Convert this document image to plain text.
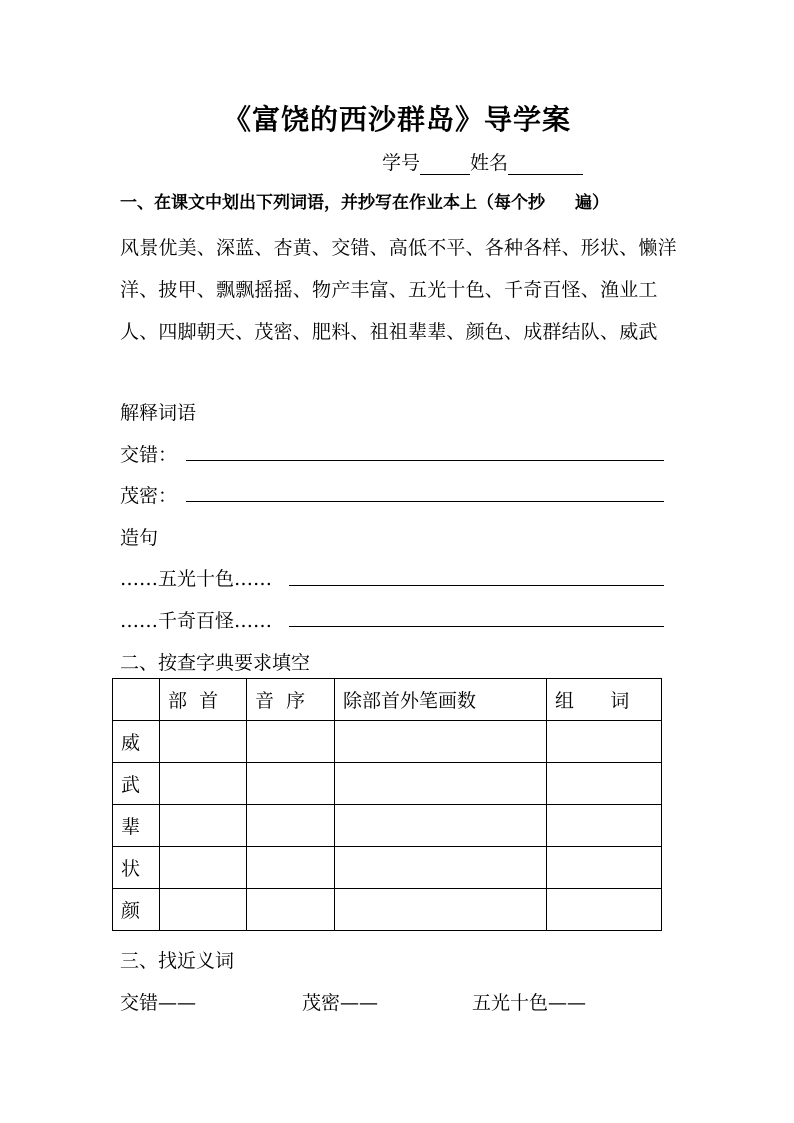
《富饶的西沙群岛》导学案
学号	姓名
一、在课文中划出下列词语，并抄写在作业本上（每个抄 遍）
风景优美、深蓝、杏黄、交错、高低不平、各种各样、形状、懒洋洋、披甲、飘飘摇摇、物产丰富、五光十色、千奇百怪、渔业工人、四脚朝天、茂密、肥料、祖祖辈辈、颜色、成群结队、威武
解释词语
交错：
茂密：
造句
……五光十色……
……千奇百怪……
二、按查字典要求填空
	部  首	音  序	除部首外笔画数	组      词
威				
武				
辈				
状				
颜				
三、找近义词
交错——	茂密——	五光十色——
